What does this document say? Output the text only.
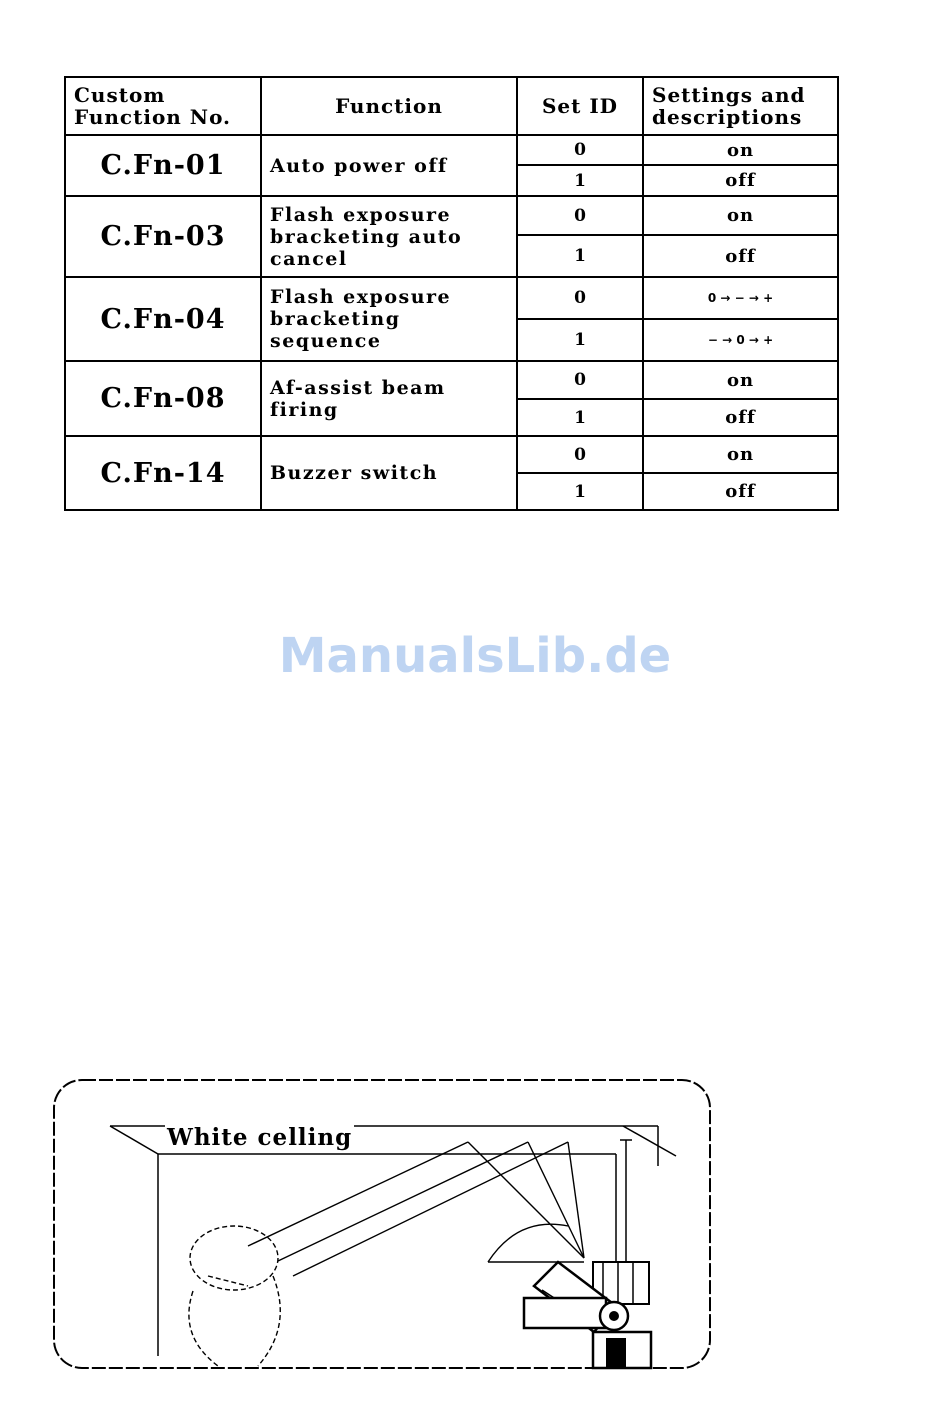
Custom Function No.	Function	Set ID	Settings and descriptions
C.Fn-01	Auto power off	0	on
		1	off
C.Fn-03	Flash exposure bracketing auto cancel	0	on
		1	off
C.Fn-04	Flash exposure bracketing sequence	0	0 → − → +
		1	− → 0 → +
C.Fn-08	Af-assist beam firing	0	on
		1	off
C.Fn-14	Buzzer switch	0	on
		1	off
ManualsLib.de
White celling
